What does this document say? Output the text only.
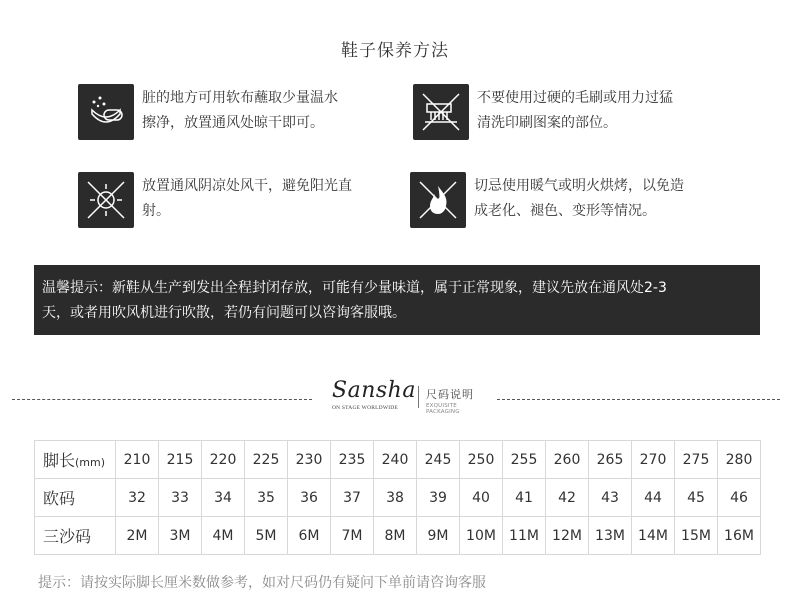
鞋子保养方法
脏的地方可用软布蘸取少量温水
擦净，放置通风处晾干即可。
不要使用过硬的毛刷或用力过猛
清洗印刷图案的部位。
放置通风阴凉处风干，避免阳光直
射。
切忌使用暖气或明火烘烤，以免造
成老化、褪色、变形等情况。
温馨提示：新鞋从生产到发出全程封闭存放，可能有少量味道，属于正常现象，建议先放在通风处2-3
天，或者用吹风机进行吹散，若仍有问题可以咨询客服哦。
Sansha
ON STAGE WORLDWIDE
尺码说明
EXQUISITE PACKAGING
脚长(mm)	210	215	220	225	230	235	240	245	250	255	260	265	270	275	280
欧码	32	33	34	35	36	37	38	39	40	41	42	43	44	45	46
三沙码	2M	3M	4M	5M	6M	7M	8M	9M	10M	11M	12M	13M	14M	15M	16M
提示：请按实际脚长厘米数做参考，如对尺码仍有疑问下单前请咨询客服
